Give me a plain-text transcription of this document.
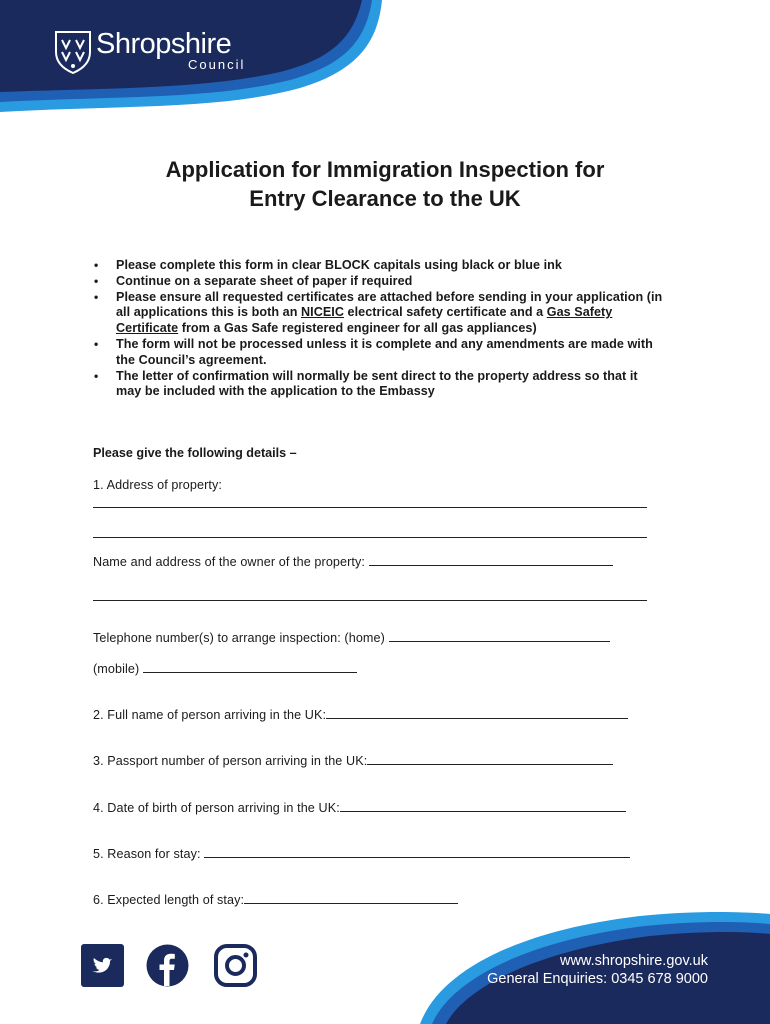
Shropshire
Council
Application for Immigration Inspection for
Entry Clearance to the UK
• Please complete this form in clear BLOCK capitals using black or blue ink
• Continue on a separate sheet of paper if required
• Please ensure all requested certificates are attached before sending in your application (in all applications this is both an NICEIC electrical safety certificate and a Gas Safety Certificate from a Gas Safe registered engineer for all gas appliances)
• The form will not be processed unless it is complete and any amendments are made with the Council’s agreement.
• The letter of confirmation will normally be sent direct to the property address so that it may be included with the application to the Embassy
Please give the following details –
1. Address of property:
Name and address of the owner of the property:
Telephone number(s) to arrange inspection: (home)
(mobile)
2. Full name of person arriving in the UK:
3. Passport number of person arriving in the UK:
4. Date of birth of person arriving in the UK:
5. Reason for stay:
6. Expected length of stay:
www.shropshire.gov.uk
General Enquiries: 0345 678 9000
